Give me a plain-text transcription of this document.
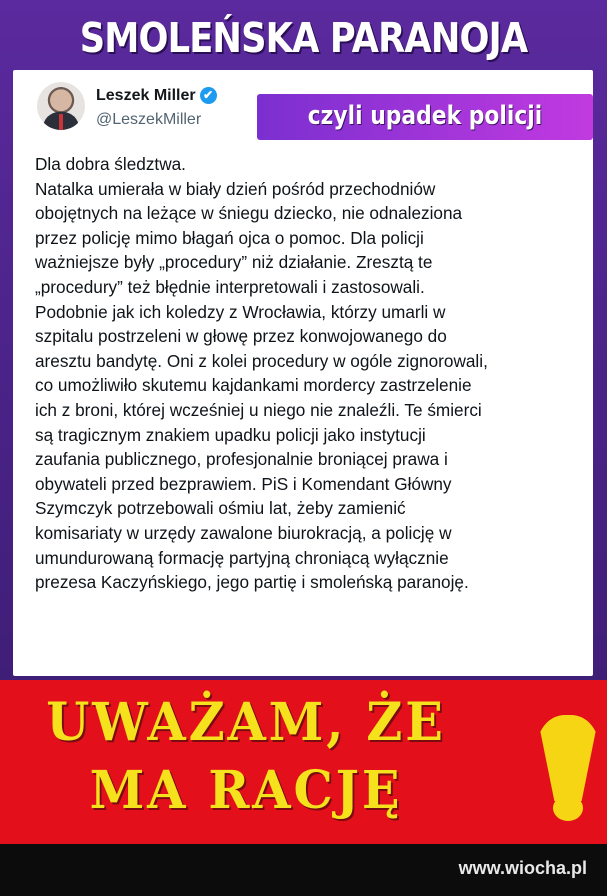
SMOLEŃSKA PARANOJA
Leszek Miller ✔
@LeszekMiller	czyli upadek policji
Dla dobra śledztwa.
Natalka umierała w biały dzień pośród przechodniów
obojętnych na leżące w śniegu dziecko, nie odnaleziona
przez policję mimo błagań ojca o pomoc. Dla policji
ważniejsze były „procedury” niż działanie. Zresztą te
„procedury” też błędnie interpretowali i zastosowali.
Podobnie jak ich koledzy z Wrocławia, którzy umarli w
szpitalu postrzeleni w głowę przez konwojowanego do
aresztu bandytę. Oni z kolei procedury w ogóle zignorowali,
co umożliwiło skutemu kajdankami mordercy zastrzelenie
ich z broni, której wcześniej u niego nie znaleźli. Te śmierci
są tragicznym znakiem upadku policji jako instytucji
zaufania publicznego, profesjonalnie broniącej prawa i
obywateli przed bezprawiem. PiS i Komendant Główny
Szymczyk potrzebowali ośmiu lat, żeby zamienić
komisariaty w urzędy zawalone biurokracją, a policję w
umundurowaną formację partyjną chroniącą wyłącznie
prezesa Kaczyńskiego, jego partię i smoleńską paranoję.
UWAŻAM, ŻE
MA RACJĘ
www.wiocha.pl
